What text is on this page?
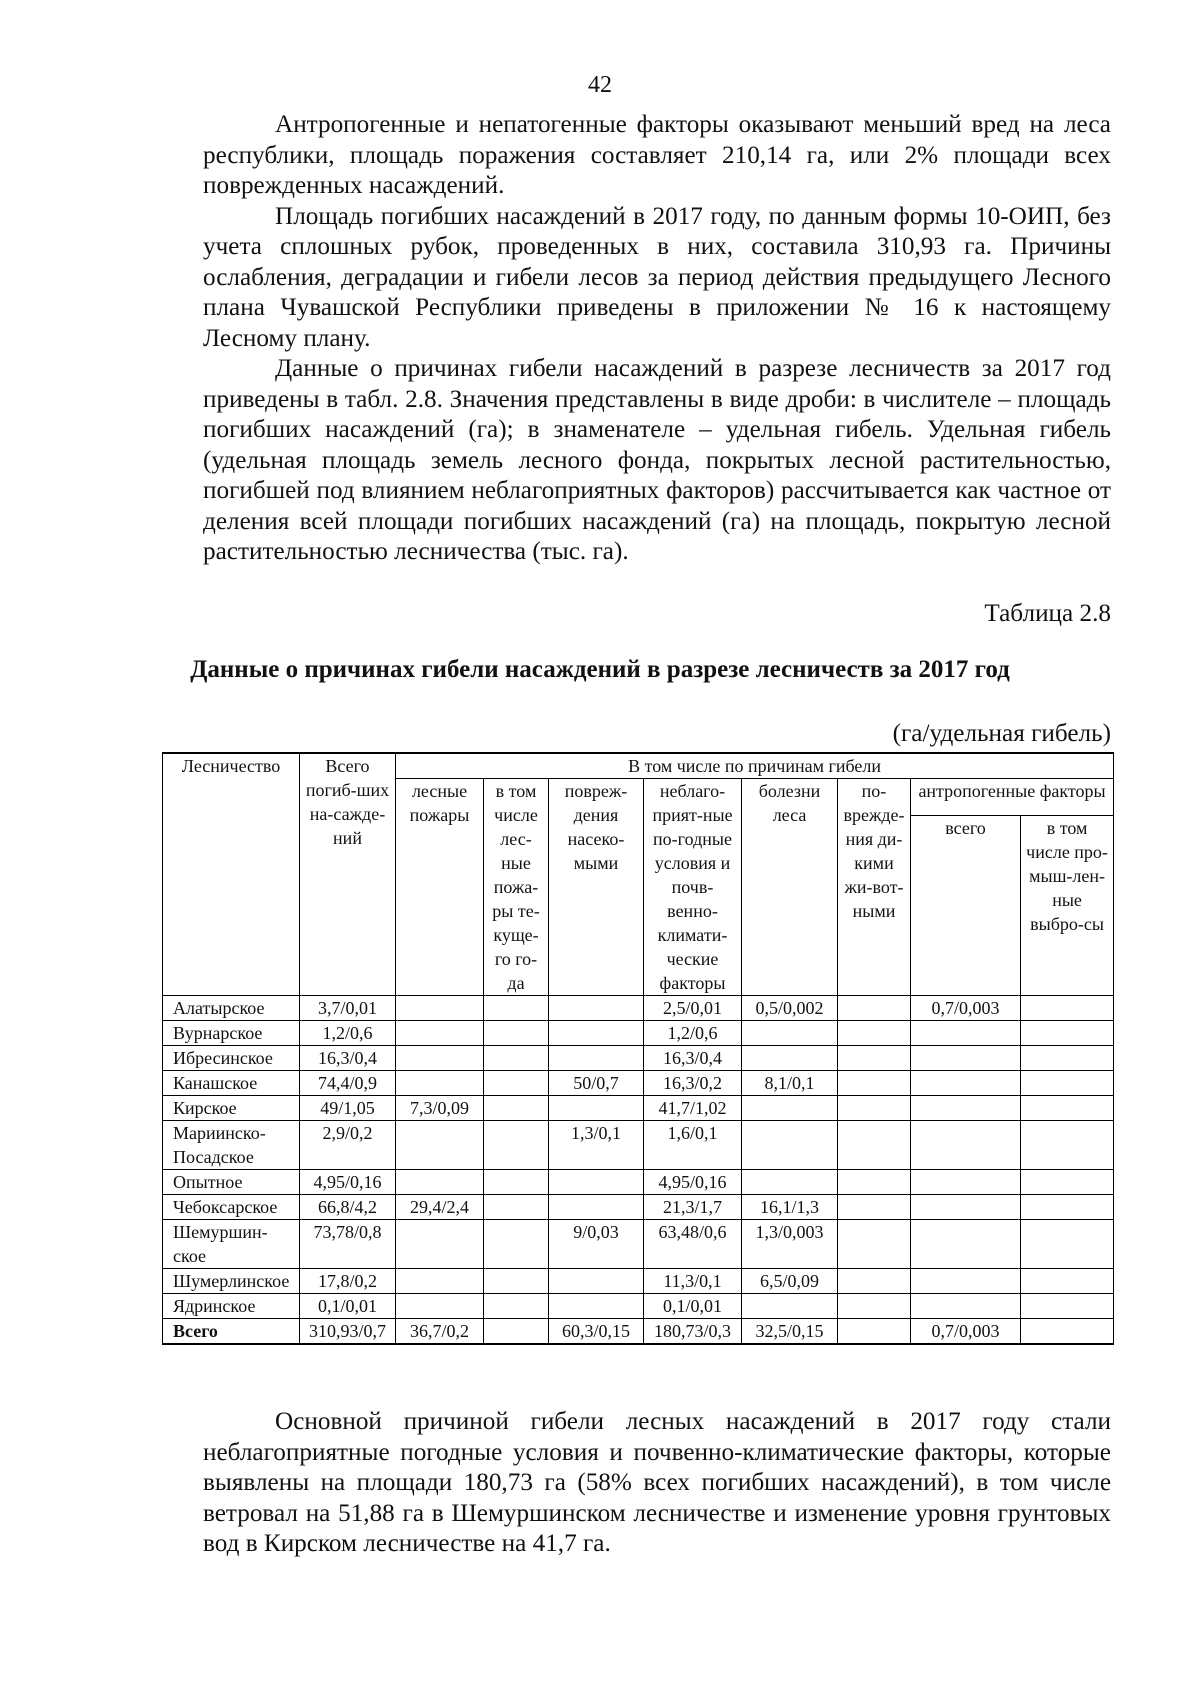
42

Антропогенные и непатогенные факторы оказывают меньший вред на леса республики, площадь поражения составляет 210,14 га, или 2% площади всех поврежденных насаждений.

Площадь погибших насаждений в 2017 году, по данным формы 10-ОИП, без учета сплошных рубок, проведенных в них, составила 310,93 га. Причины ослабления, деградации и гибели лесов за период действия предыдущего Лесного плана Чувашской Республики приведены в приложении № 16 к настоящему Лесному плану.

Данные о причинах гибели насаждений в разрезе лесничеств за 2017 год приведены в табл. 2.8. Значения представлены в виде дроби: в числителе – площадь погибших насаждений (га); в знаменателе – удельная гибель. Удельная гибель (удельная площадь земель лесного фонда, покрытых лесной растительностью, погибшей под влиянием неблагоприятных факторов) рассчитывается как частное от деления всей площади погибших насаждений (га) на площадь, покрытую лесной растительностью лесничества (тыс. га).

Таблица 2.8
Данные о причинах гибели насаждений в разрезе лесничеств за 2017 год
(га/удельная гибель)
Лесничество	Всего погиб-ших на-сажде-ний	В том числе по причинам гибели							
		лесные пожары	в том числе лес-ные пожа-ры те-куще-го го-да	повреж-дения насеко-мыми	неблаго-прият-ные по-годные условия и почв-венно-климати-ческие факторы	болезни леса	по-врежде-ния ди-кими жи-вот-ными	антропогенные факторы	
								всего	в том числе про-мыш-лен-ные выбро-сы
Алатырское	3,7/0,01				2,5/0,01	0,5/0,002		0,7/0,003	
Вурнарское	1,2/0,6				1,2/0,6				
Ибресинское	16,3/0,4				16,3/0,4				
Канашское	74,4/0,9			50/0,7	16,3/0,2	8,1/0,1			
Кирское	49/1,05	7,3/0,09			41,7/1,02				
Мариинско-Посадское	2,9/0,2			1,3/0,1	1,6/0,1				
Опытное	4,95/0,16				4,95/0,16				
Чебоксарское	66,8/4,2	29,4/2,4			21,3/1,7	16,1/1,3			
Шемуршин-ское	73,78/0,8			9/0,03	63,48/0,6	1,3/0,003			
Шумерлинское	17,8/0,2				11,3/0,1	6,5/0,09			
Ядринское	0,1/0,01				0,1/0,01				
Всего	310,93/0,7	36,7/0,2		60,3/0,15	180,73/0,3	32,5/0,15		0,7/0,003	

Основной причиной гибели лесных насаждений в 2017 году стали неблагоприятные погодные условия и почвенно-климатические факторы, которые выявлены на площади 180,73 га (58% всех погибших насаждений), в том числе ветровал на 51,88 га в Шемуршинском лесничестве и изменение уровня грунтовых вод в Кирском лесничестве на 41,7 га.
